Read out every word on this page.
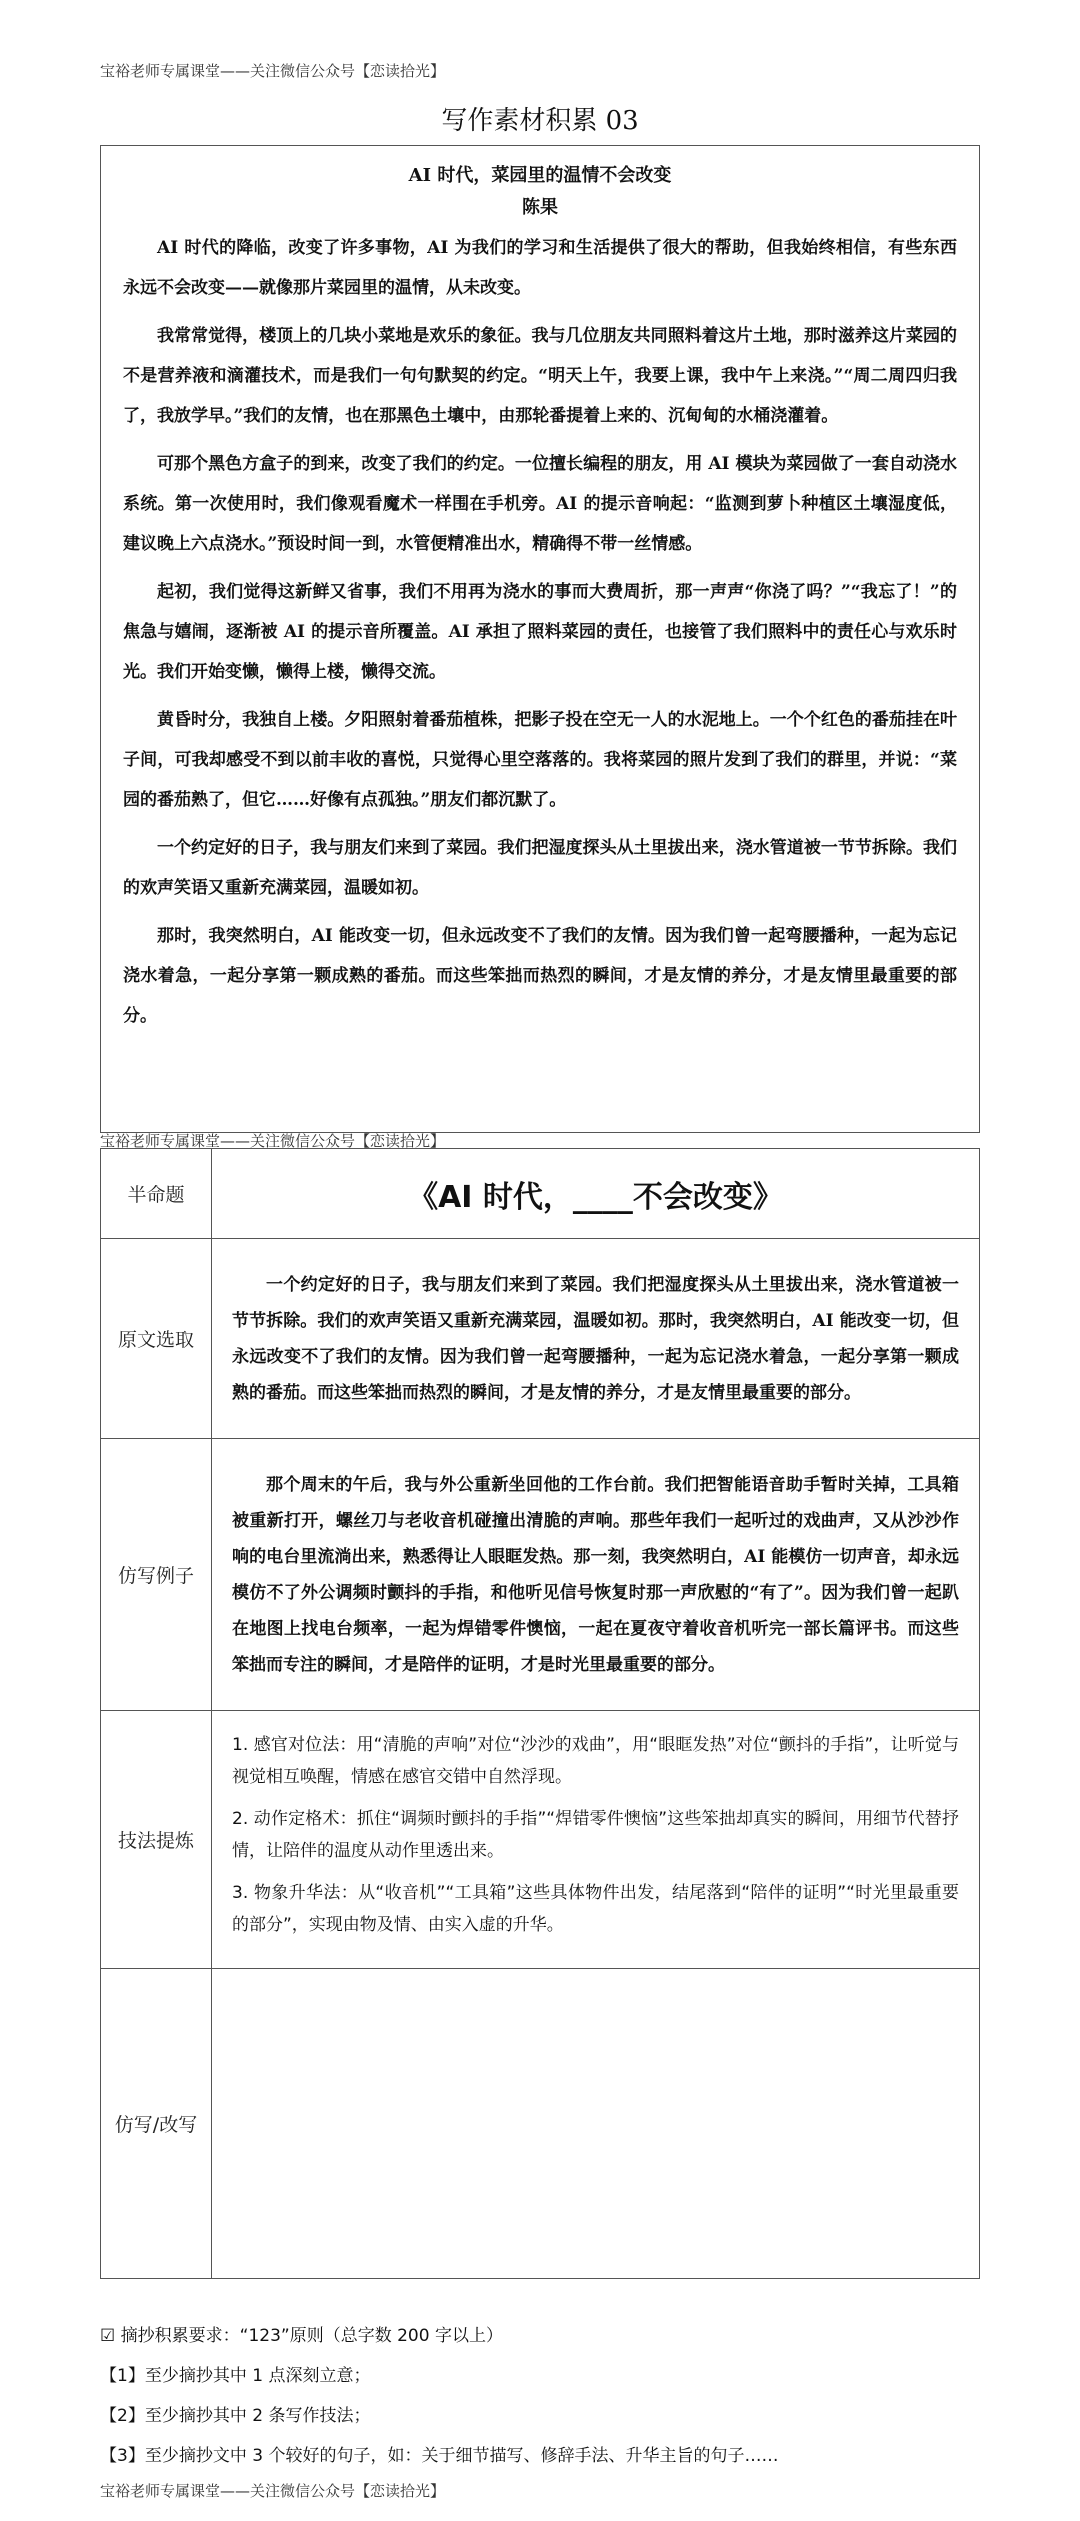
宝裕老师专属课堂——关注微信公众号【恋读拾光】
写作素材积累 03
AI 时代，菜园里的温情不会改变
陈果

AI 时代的降临，改变了许多事物，AI 为我们的学习和生活提供了很大的帮助，但我始终相信，有些东西永远不会改变——就像那片菜园里的温情，从未改变。

我常常觉得，楼顶上的几块小菜地是欢乐的象征。我与几位朋友共同照料着这片土地，那时滋养这片菜园的不是营养液和滴灌技术，而是我们一句句默契的约定。“明天上午，我要上课，我中午上来浇。”“周二周四归我了，我放学早。”我们的友情，也在那黑色土壤中，由那轮番提着上来的、沉甸甸的水桶浇灌着。

可那个黑色方盒子的到来，改变了我们的约定。一位擅长编程的朋友，用 AI 模块为菜园做了一套自动浇水系统。第一次使用时，我们像观看魔术一样围在手机旁。AI 的提示音响起：“监测到萝卜种植区土壤湿度低，建议晚上六点浇水。”预设时间一到，水管便精准出水，精确得不带一丝情感。

起初，我们觉得这新鲜又省事，我们不用再为浇水的事而大费周折，那一声声“你浇了吗？”“我忘了！”的焦急与嬉闹，逐渐被 AI 的提示音所覆盖。AI 承担了照料菜园的责任，也接管了我们照料中的责任心与欢乐时光。我们开始变懒，懒得上楼，懒得交流。

黄昏时分，我独自上楼。夕阳照射着番茄植株，把影子投在空无一人的水泥地上。一个个红色的番茄挂在叶子间，可我却感受不到以前丰收的喜悦，只觉得心里空落落的。我将菜园的照片发到了我们的群里，并说：“菜园的番茄熟了，但它……好像有点孤独。”朋友们都沉默了。

一个约定好的日子，我与朋友们来到了菜园。我们把湿度探头从土里拔出来，浇水管道被一节节拆除。我们的欢声笑语又重新充满菜园，温暖如初。

那时，我突然明白，AI 能改变一切，但永远改变不了我们的友情。因为我们曾一起弯腰播种，一起为忘记浇水着急，一起分享第一颗成熟的番茄。而这些笨拙而热烈的瞬间，才是友情的养分，才是友情里最重要的部分。

宝裕老师专属课堂——关注微信公众号【恋读拾光】
半命题	《AI 时代，____不会改变》

原文选取	一个约定好的日子，我与朋友们来到了菜园。我们把湿度探头从土里拔出来，浇水管道被一节节拆除。我们的欢声笑语又重新充满菜园，温暖如初。那时，我突然明白，AI 能改变一切，但永远改变不了我们的友情。因为我们曾一起弯腰播种，一起为忘记浇水着急，一起分享第一颗成熟的番茄。而这些笨拙而热烈的瞬间，才是友情的养分，才是友情里最重要的部分。

仿写例子	那个周末的午后，我与外公重新坐回他的工作台前。我们把智能语音助手暂时关掉，工具箱被重新打开，螺丝刀与老收音机碰撞出清脆的声响。那些年我们一起听过的戏曲声，又从沙沙作响的电台里流淌出来，熟悉得让人眼眶发热。那一刻，我突然明白，AI 能模仿一切声音，却永远模仿不了外公调频时颤抖的手指，和他听见信号恢复时那一声欣慰的“有了”。因为我们曾一起趴在地图上找电台频率，一起为焊错零件懊恼，一起在夏夜守着收音机听完一部长篇评书。而这些笨拙而专注的瞬间，才是陪伴的证明，才是时光里最重要的部分。

技法提炼	1. 感官对位法：用“清脆的声响”对位“沙沙的戏曲”，用“眼眶发热”对位“颤抖的手指”，让听觉与视觉相互唤醒，情感在感官交错中自然浮现。

2. 动作定格术：抓住“调频时颤抖的手指”“焊错零件懊恼”这些笨拙却真实的瞬间，用细节代替抒情，让陪伴的温度从动作里透出来。

3. 物象升华法：从“收音机”“工具箱”这些具体物件出发，结尾落到“陪伴的证明”“时光里最重要的部分”，实现由物及情、由实入虚的升华。

仿写/改写	
☑ 摘抄积累要求：“123”原则（总字数 200 字以上）
【1】至少摘抄其中 1 点深刻立意；
【2】至少摘抄其中 2 条写作技法；
【3】至少摘抄文中 3 个较好的句子，如：关于细节描写、修辞手法、升华主旨的句子……
宝裕老师专属课堂——关注微信公众号【恋读拾光】
